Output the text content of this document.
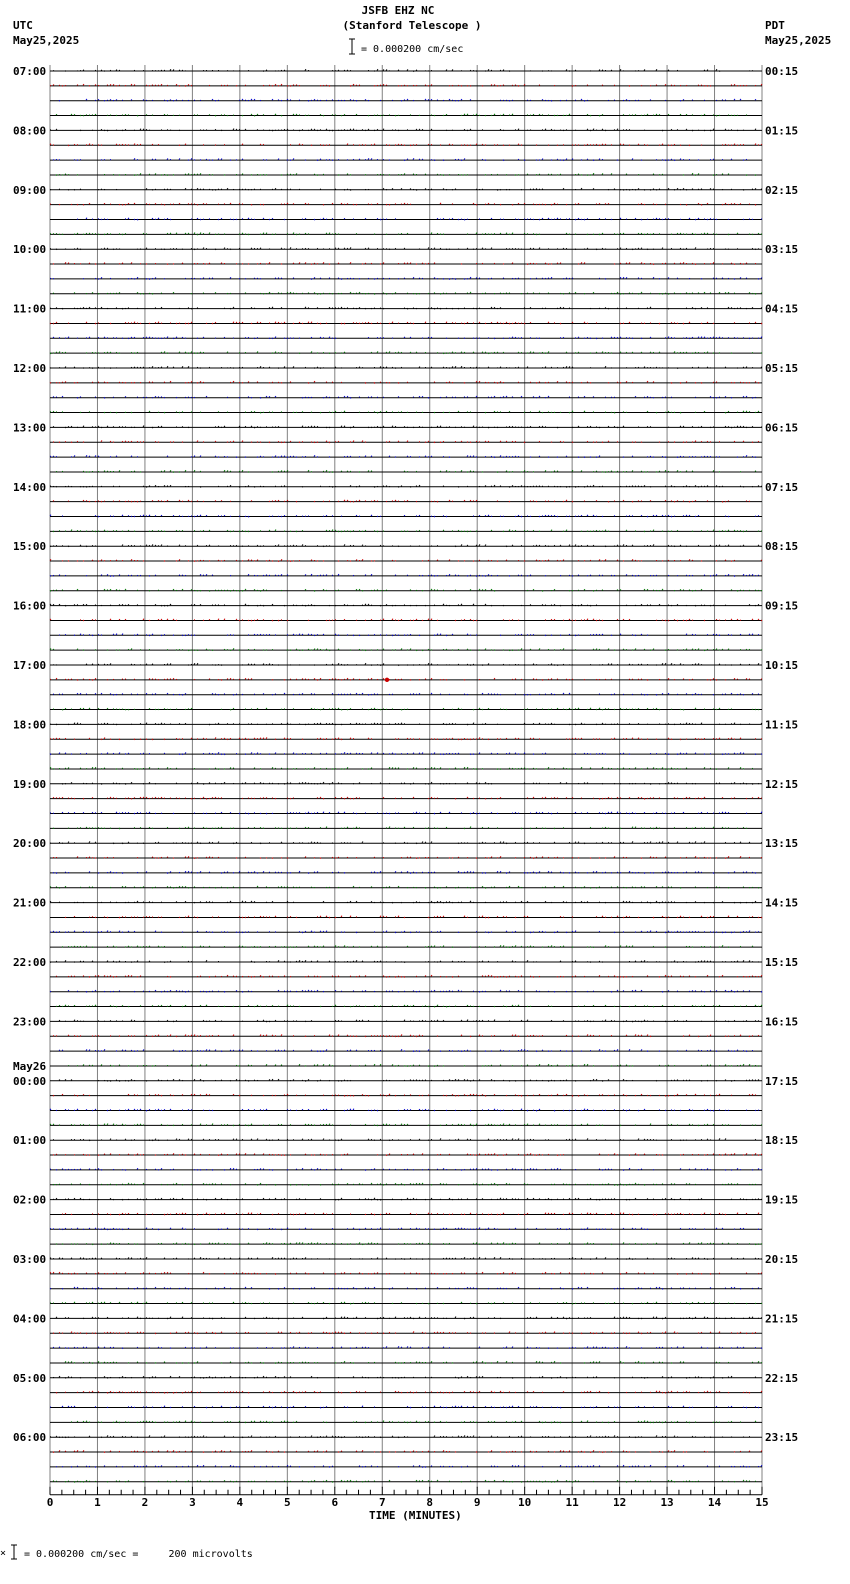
JSFB EHZ NC
(Stanford Telescope )
= 0.000200 cm/sec
UTC
May25,2025
PDT
May25,2025
07:00
08:00
09:00
10:00
11:00
12:00
13:00
14:00
15:00
16:00
17:00
18:00
19:00
20:00
21:00
22:00
23:00
00:00
May26
01:00
02:00
03:00
04:00
05:00
06:00
00:15
01:15
02:15
03:15
04:15
05:15
06:15
07:15
08:15
09:15
10:15
11:15
12:15
13:15
14:15
15:15
16:15
17:15
18:15
19:15
20:15
21:15
22:15
23:15
0	1	2	3	4	5	6	7	8	9	10	11	12	13	14	15
TIME (MINUTES)
× = 0.000200 cm/sec =     200 microvolts
